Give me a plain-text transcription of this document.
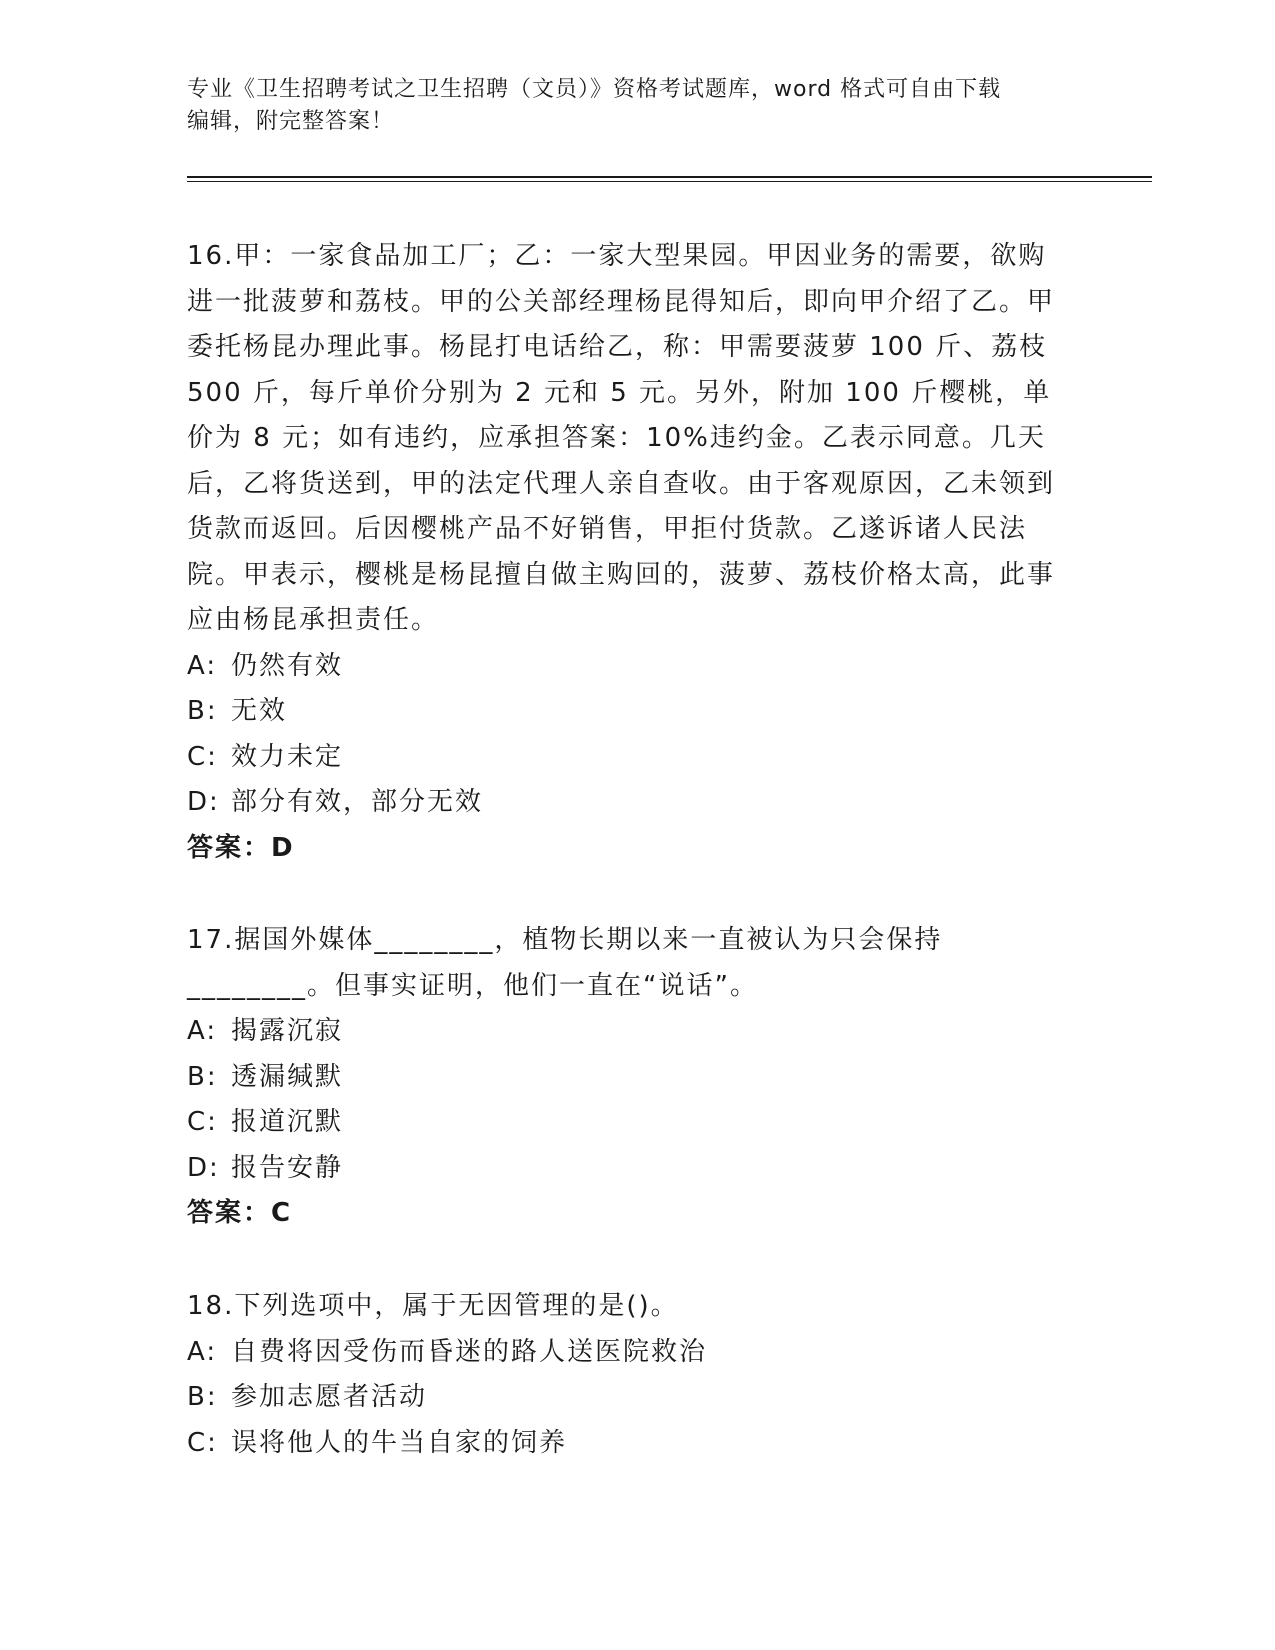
专业《卫生招聘考试之卫生招聘（文员）》资格考试题库，word 格式可自由下载
编辑，附完整答案！

16.甲：一家食品加工厂；乙：一家大型果园。甲因业务的需要，欲购进一批菠萝和荔枝。甲的公关部经理杨昆得知后，即向甲介绍了乙。甲委托杨昆办理此事。杨昆打电话给乙，称：甲需要菠萝 100 斤、荔枝 500 斤，每斤单价分别为 2 元和 5 元。另外，附加 100 斤樱桃，单价为 8 元；如有违约，应承担答案：10%违约金。乙表示同意。几天后，乙将货送到，甲的法定代理人亲自查收。由于客观原因，乙未领到货款而返回。后因樱桃产品不好销售，甲拒付货款。乙遂诉诸人民法院。甲表示，樱桃是杨昆擅自做主购回的，菠萝、荔枝价格太高，此事应由杨昆承担责任。

A: 仍然有效
B: 无效
C: 效力未定
D: 部分有效，部分无效
答案：D

17.据国外媒体________，植物长期以来一直被认为只会保持________。但事实证明，他们一直在“说话”。

A: 揭露沉寂
B: 透漏缄默
C: 报道沉默
D: 报告安静
答案：C

18.下列选项中，属于无因管理的是()。

A: 自费将因受伤而昏迷的路人送医院救治
B: 参加志愿者活动
C: 误将他人的牛当自家的饲养
